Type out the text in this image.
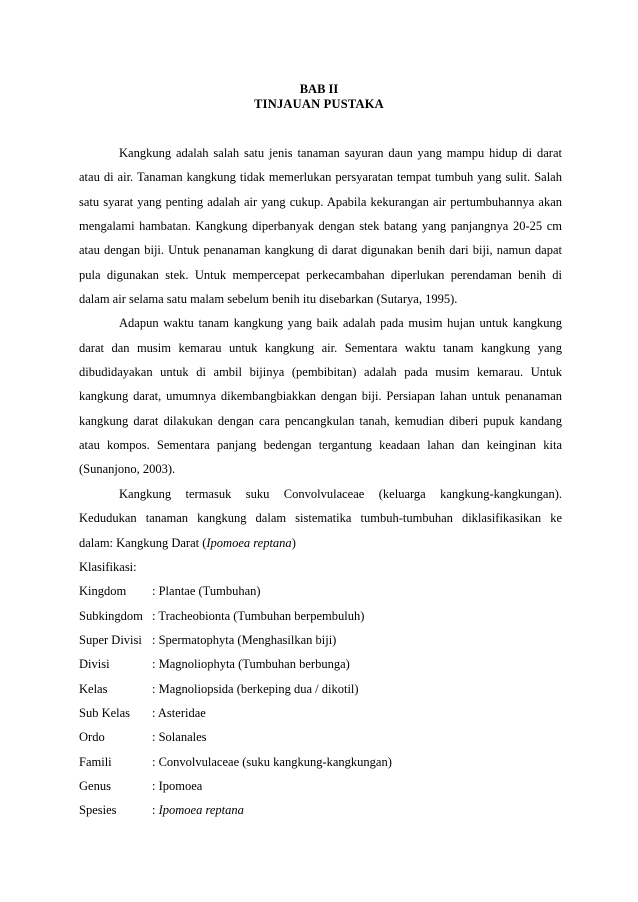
BAB II
TINJAUAN PUSTAKA

Kangkung adalah salah satu jenis tanaman sayuran daun yang mampu hidup di darat atau di air. Tanaman kangkung tidak memerlukan persyaratan tempat tumbuh yang sulit. Salah satu syarat yang penting adalah air yang cukup. Apabila kekurangan air pertumbuhannya akan mengalami hambatan. Kangkung diperbanyak dengan stek batang yang panjangnya 20-25 cm atau dengan biji. Untuk penanaman kangkung di darat digunakan benih dari biji, namun dapat pula digunakan stek. Untuk mempercepat perkecambahan diperlukan perendaman benih di dalam air selama satu malam sebelum benih itu disebarkan (Sutarya, 1995).

Adapun waktu tanam kangkung yang baik adalah pada musim hujan untuk kangkung darat dan musim kemarau untuk kangkung air. Sementara waktu tanam kangkung yang dibudidayakan untuk di ambil bijinya (pembibitan) adalah pada musim kemarau. Untuk kangkung darat, umumnya dikembangbiakkan dengan biji. Persiapan lahan untuk penanaman kangkung darat dilakukan dengan cara pencangkulan tanah, kemudian diberi pupuk kandang atau kompos. Sementara panjang bedengan tergantung keadaan lahan dan keinginan kita (Sunanjono, 2003).

Kangkung termasuk suku Convolvulaceae (keluarga kangkung-kangkungan).

Kedudukan tanaman kangkung dalam sistematika tumbuh-tumbuhan diklasifikasikan ke

dalam: Kangkung Darat (Ipomoea reptana)

Klasifikasi:

Kingdom	: Plantae (Tumbuhan)
Subkingdom	: Tracheobionta (Tumbuhan berpembuluh)
Super Divisi	: Spermatophyta (Menghasilkan biji)
Divisi	: Magnoliophyta (Tumbuhan berbunga)
Kelas	: Magnoliopsida (berkeping dua / dikotil)
Sub Kelas	: Asteridae
Ordo	: Solanales
Famili	: Convolvulaceae (suku kangkung-kangkungan)
Genus	: Ipomoea
Spesies	: Ipomoea reptana
